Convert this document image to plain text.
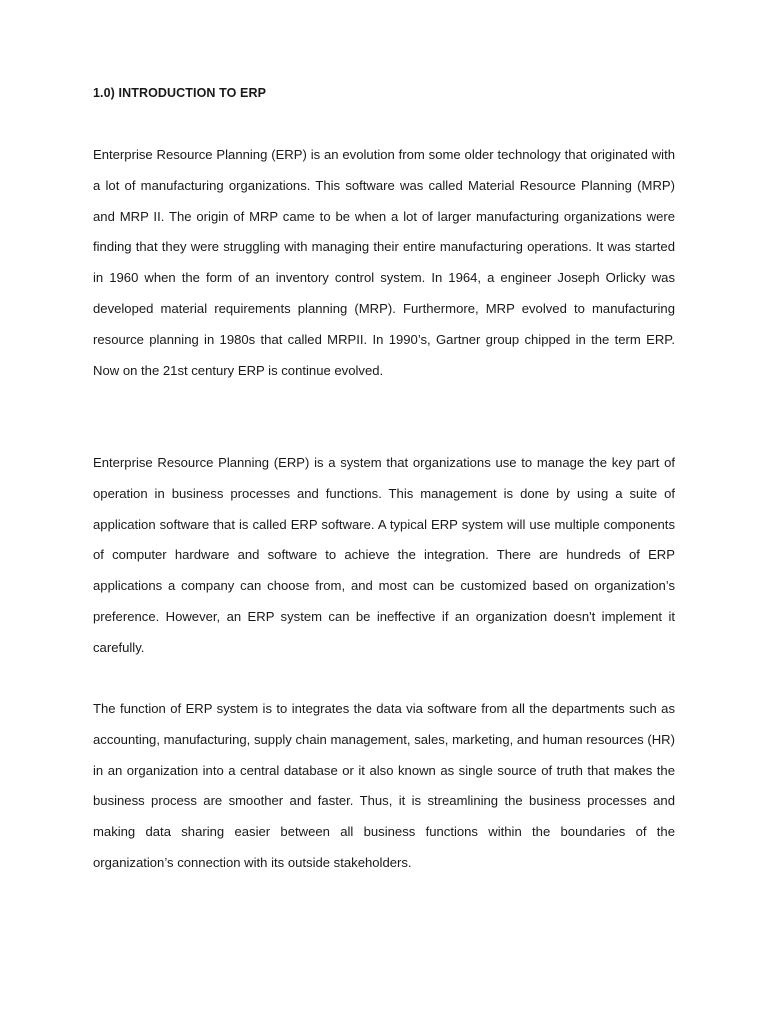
1.0) INTRODUCTION TO ERP

Enterprise Resource Planning (ERP) is an evolution from some older technology that originated with a lot of manufacturing organizations. This software was called Material Resource Planning (MRP) and MRP II. The origin of MRP came to be when a lot of larger manufacturing organizations were finding that they were struggling with managing their entire manufacturing operations. It was started in 1960 when the form of an inventory control system. In 1964, a engineer Joseph Orlicky was developed material requirements planning (MRP). Furthermore, MRP evolved to manufacturing resource planning in 1980s that called MRPII. In 1990’s, Gartner group chipped in the term ERP. Now on the 21st century ERP is continue evolved.

Enterprise Resource Planning (ERP) is a system that organizations use to manage the key part of operation in business processes and functions. This management is done by using a suite of application software that is called ERP software. A typical ERP system will use multiple components of computer hardware and software to achieve the integration. There are hundreds of ERP applications a company can choose from, and most can be customized based on organization’s preference. However, an ERP system can be ineffective if an organization doesn't implement it carefully.

The function of ERP system is to integrates the data via software from all the departments such as accounting, manufacturing, supply chain management, sales, marketing, and human resources (HR) in an organization into a central database or it also known as single source of truth that makes the business process are smoother and faster. Thus, it is streamlining the business processes and making data sharing easier between all business functions within the boundaries of the organization’s connection with its outside stakeholders.
